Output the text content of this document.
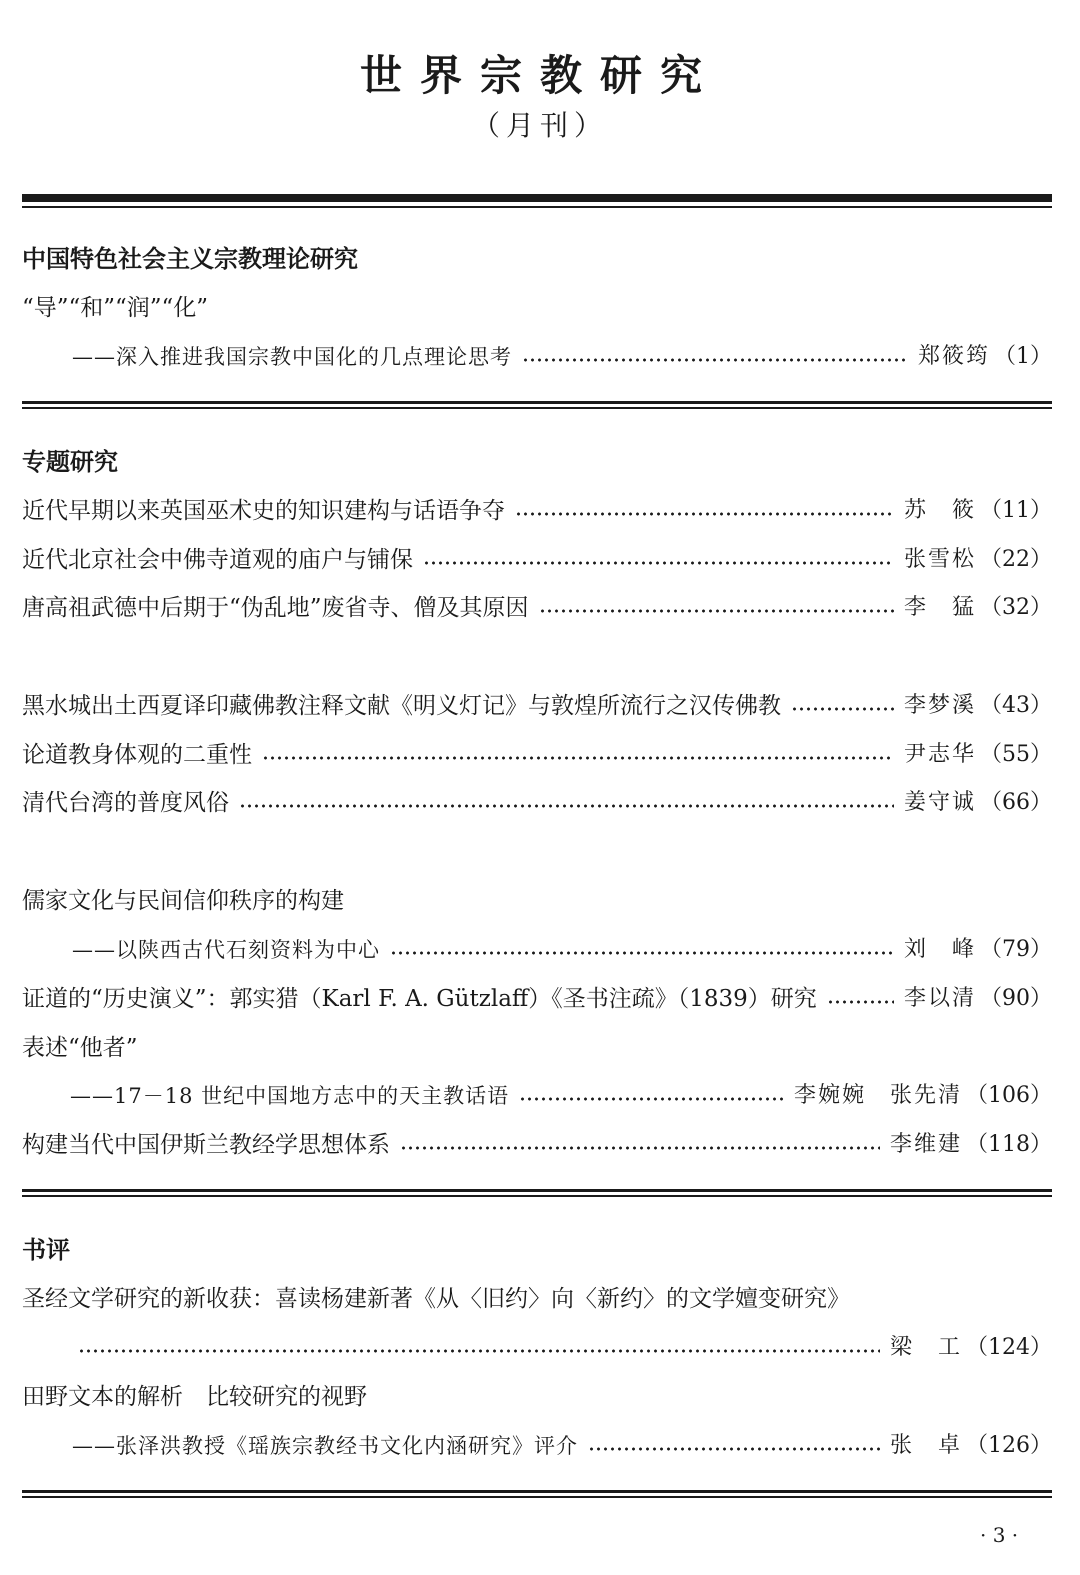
世界宗教研究
（月刊）
中国特色社会主义宗教理论研究
“导”“和”“润”“化”
——深入推进我国宗教中国化的几点理论思考	郑筱筠 （1）
专题研究
近代早期以来英国巫术史的知识建构与话语争夺	苏　筱 （11）
近代北京社会中佛寺道观的庙户与铺保	张雪松 （22）
唐高祖武德中后期于“伪乱地”废省寺、僧及其原因	李　猛 （32）
黑水城出土西夏译印藏佛教注释文献《明义灯记》与敦煌所流行之汉传佛教	李梦溪 （43）
论道教身体观的二重性	尹志华 （55）
清代台湾的普度风俗	姜守诚 （66）
儒家文化与民间信仰秩序的构建
——以陕西古代石刻资料为中心	刘　峰 （79）
证道的“历史演义”：郭实猎（Karl F. A. Gützlaff）《圣书注疏》（1839）研究	李以清 （90）
表述“他者”
——17－18 世纪中国地方志中的天主教话语	李婉婉　张先清 （106）
构建当代中国伊斯兰教经学思想体系	李维建 （118）
书评
圣经文学研究的新收获：喜读杨建新著《从〈旧约〉向〈新约〉的文学嬗变研究》
梁　工 （124）
田野文本的解析　比较研究的视野
——张泽洪教授《瑶族宗教经书文化内涵研究》评介	张　卓 （126）
· 3 ·
